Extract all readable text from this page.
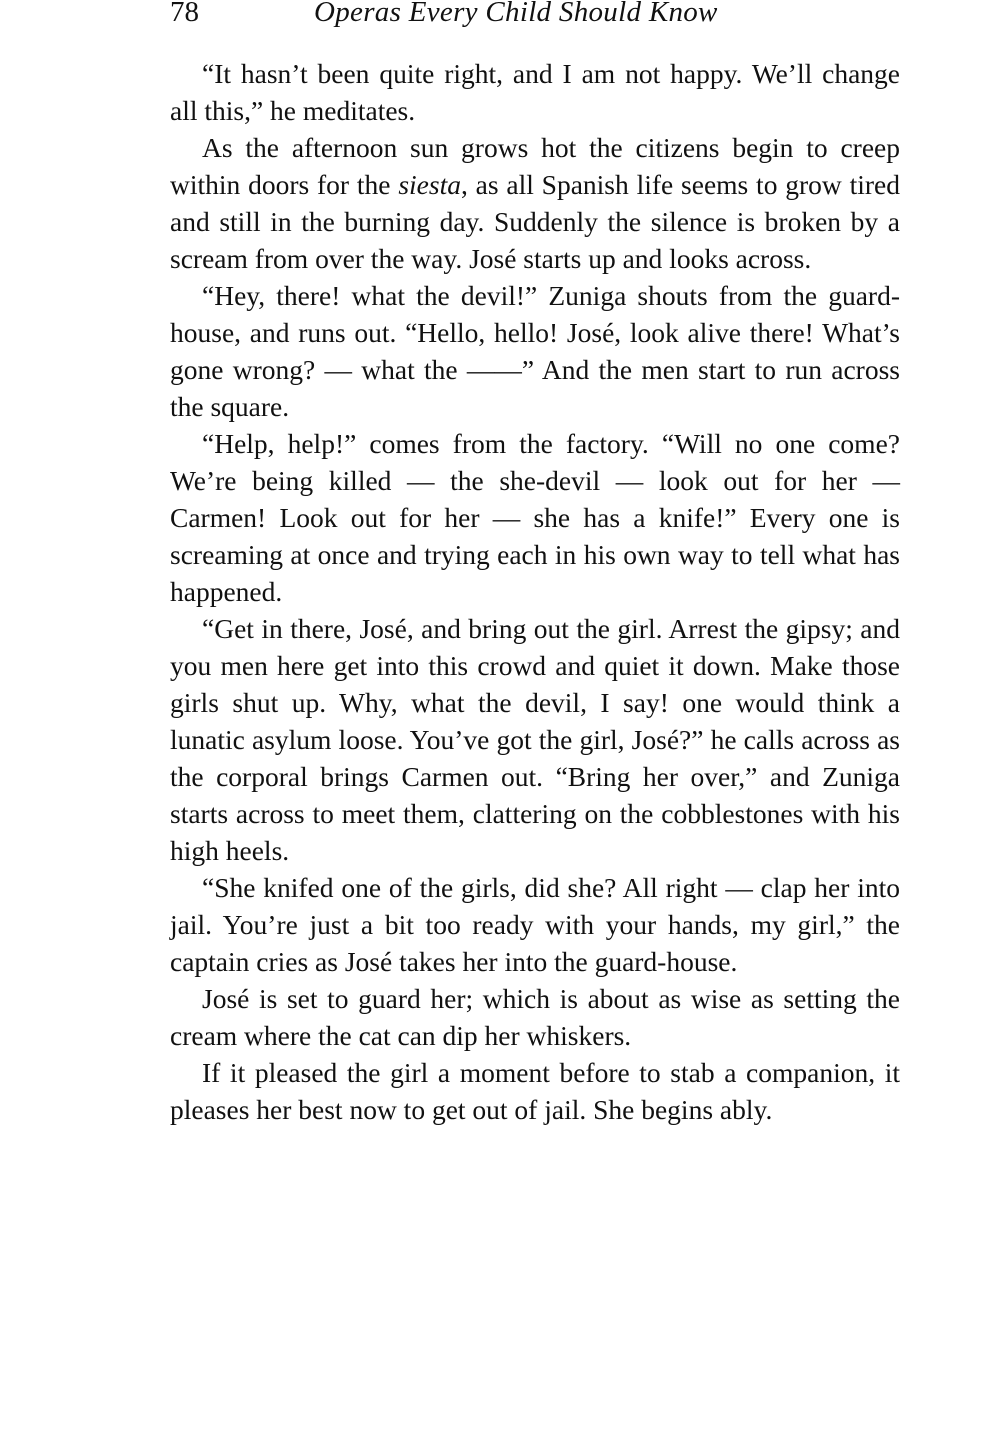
78	Operas Every Child Should Know

“It hasn’t been quite right, and I am not happy. We’ll change all this,” he meditates.

As the afternoon sun grows hot the citizens begin to creep within doors for the siesta, as all Spanish life seems to grow tired and still in the burning day. Suddenly the silence is broken by a scream from over the way. José starts up and looks across.

“Hey, there! what the devil!” Zuniga shouts from the guard-house, and runs out. “Hello, hello! José, look alive there! What’s gone wrong? — what the ——” And the men start to run across the square.

“Help, help!” comes from the factory. “Will no one come? We’re being killed — the she-devil — look out for her — Carmen! Look out for her — she has a knife!” Every one is screaming at once and trying each in his own way to tell what has happened.

“Get in there, José, and bring out the girl. Arrest the gipsy; and you men here get into this crowd and quiet it down. Make those girls shut up. Why, what the devil, I say! one would think a lunatic asylum loose. You’ve got the girl, José?” he calls across as the corporal brings Carmen out. “Bring her over,” and Zuniga starts across to meet them, clattering on the cobblestones with his high heels.

“She knifed one of the girls, did she? All right — clap her into jail. You’re just a bit too ready with your hands, my girl,” the captain cries as José takes her into the guard-house.

José is set to guard her; which is about as wise as setting the cream where the cat can dip her whiskers.

If it pleased the girl a moment before to stab a companion, it pleases her best now to get out of jail. She begins ably.
